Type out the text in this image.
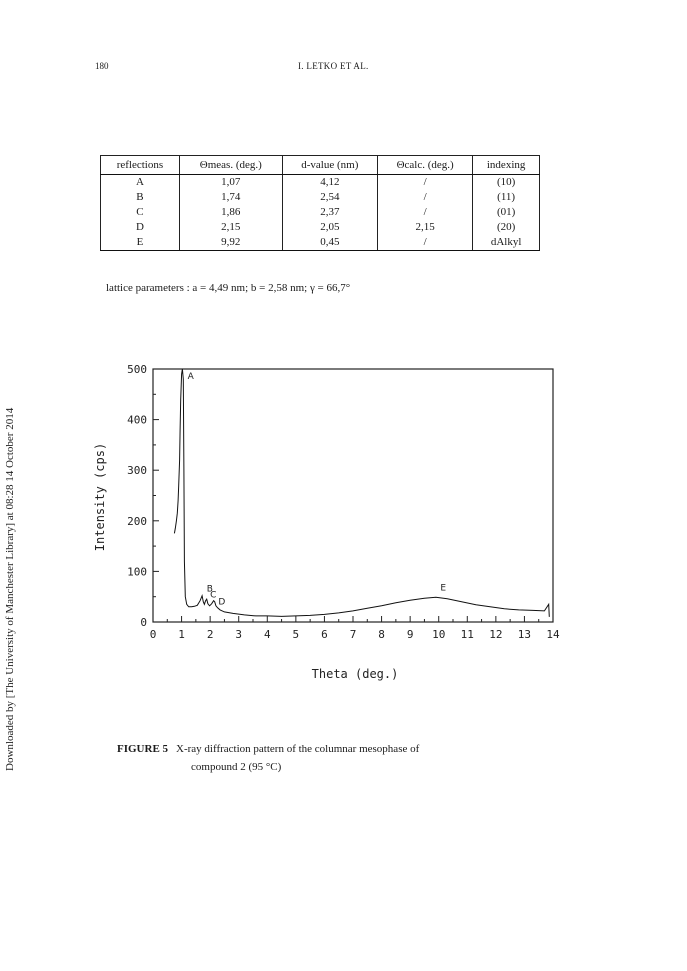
180	I. LETKO ET AL.
Downloaded by [The University of Manchester Library] at 08:28 14 October 2014
reflections	Θmeas. (deg.)	d-value (nm)	Θcalc. (deg.)	indexing
A	1,07	4,12	/	(10)
B	1,74	2,54	/	(11)
C	1,86	2,37	/	(01)
D	2,15	2,05	2,15	(20)
E	9,92	0,45	/	dAlkyl
lattice parameters : a = 4,49 nm; b = 2,58 nm; γ = 66,7°
0
100
200
300
400
500
0 1 2 3 4 5 6 7 8 9 10 11 12 13 14
Intensity (cps)
Theta (deg.)
A
B
C
D
E
FIGURE 5 X-ray diffraction pattern of the columnar mesophase of
compound 2 (95 °C)
